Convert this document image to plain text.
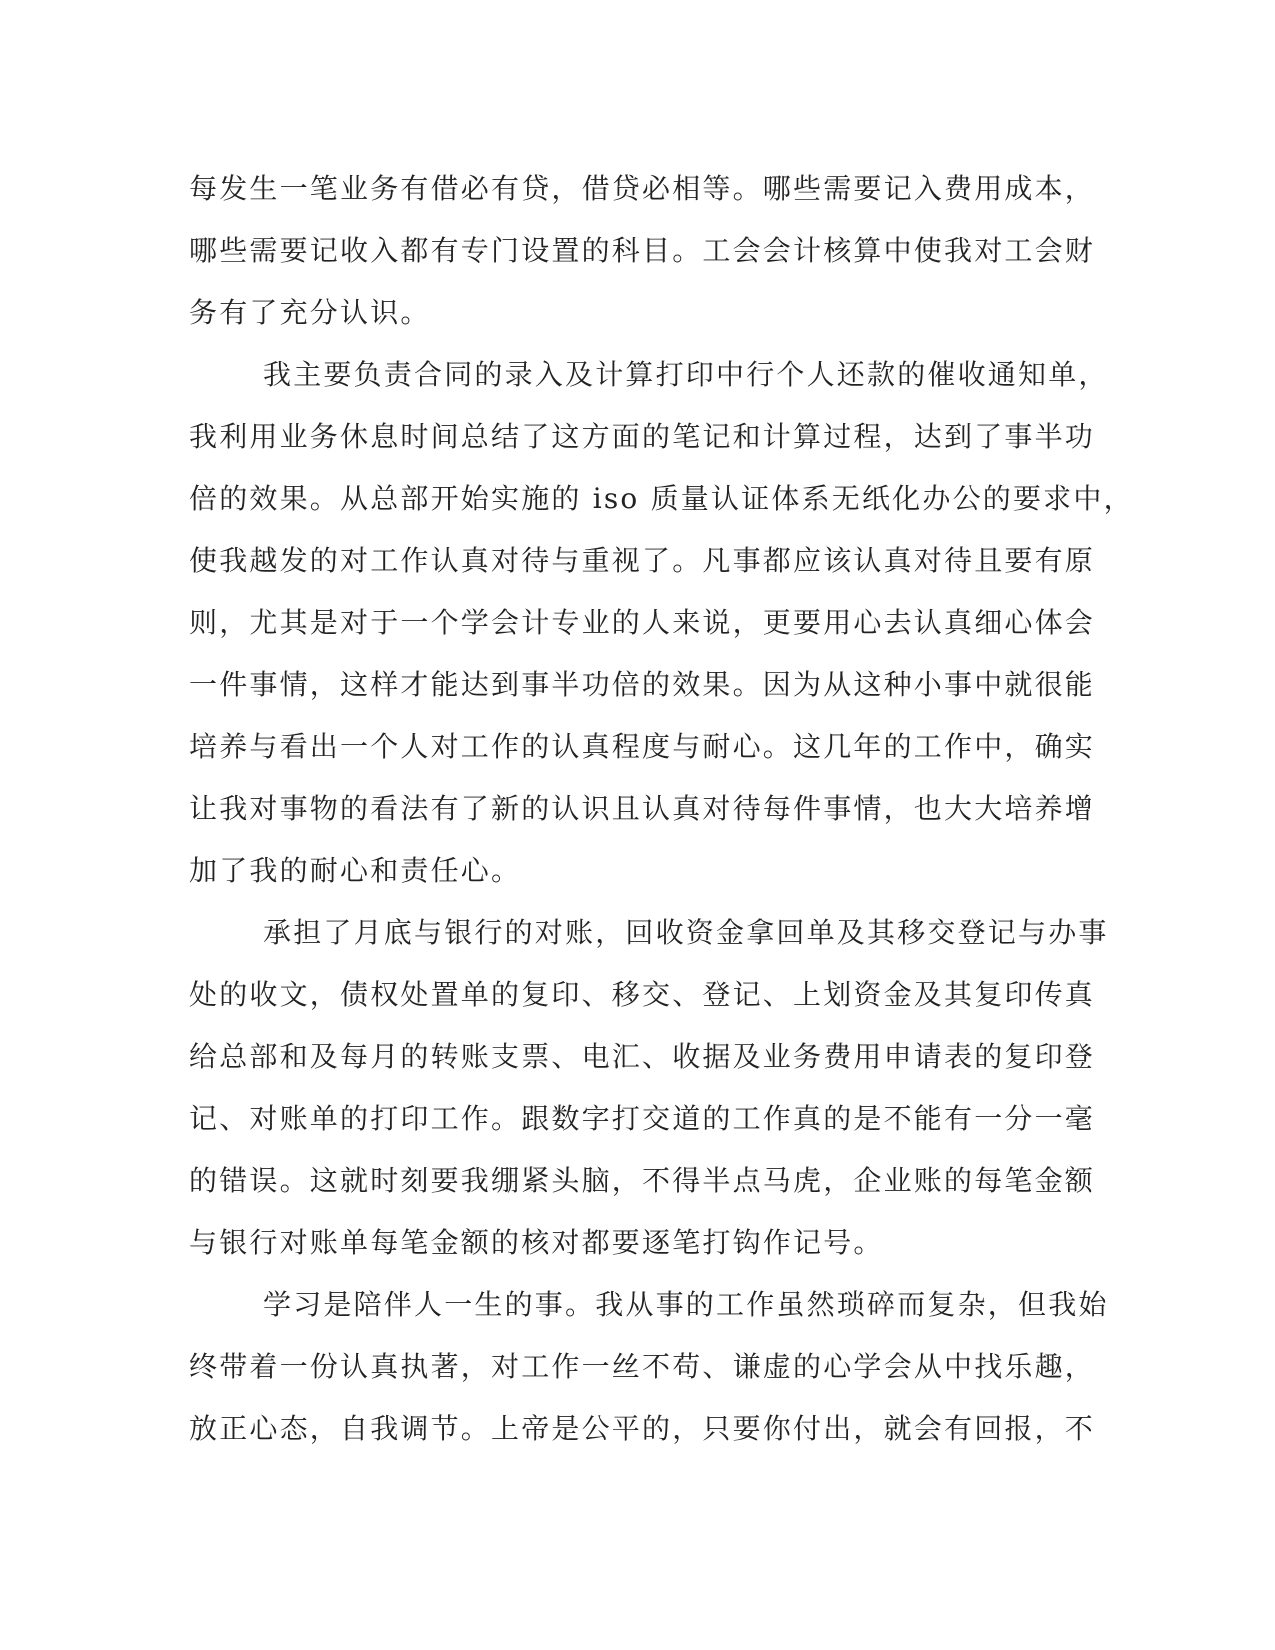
每发生一笔业务有借必有贷，借贷必相等。哪些需要记入费用成本，
哪些需要记收入都有专门设置的科目。工会会计核算中使我对工会财
务有了充分认识。
我主要负责合同的录入及计算打印中行个人还款的催收通知单，
我利用业务休息时间总结了这方面的笔记和计算过程，达到了事半功
倍的效果。从总部开始实施的 iso 质量认证体系无纸化办公的要求中，
使我越发的对工作认真对待与重视了。凡事都应该认真对待且要有原
则，尤其是对于一个学会计专业的人来说，更要用心去认真细心体会
一件事情，这样才能达到事半功倍的效果。因为从这种小事中就很能
培养与看出一个人对工作的认真程度与耐心。这几年的工作中，确实
让我对事物的看法有了新的认识且认真对待每件事情，也大大培养增
加了我的耐心和责任心。
承担了月底与银行的对账，回收资金拿回单及其移交登记与办事
处的收文，债权处置单的复印、移交、登记、上划资金及其复印传真
给总部和及每月的转账支票、电汇、收据及业务费用申请表的复印登
记、对账单的打印工作。跟数字打交道的工作真的是不能有一分一毫
的错误。这就时刻要我绷紧头脑，不得半点马虎，企业账的每笔金额
与银行对账单每笔金额的核对都要逐笔打钩作记号。
学习是陪伴人一生的事。我从事的工作虽然琐碎而复杂，但我始
终带着一份认真执著，对工作一丝不苟、谦虚的心学会从中找乐趣，
放正心态，自我调节。上帝是公平的，只要你付出，就会有回报，不
